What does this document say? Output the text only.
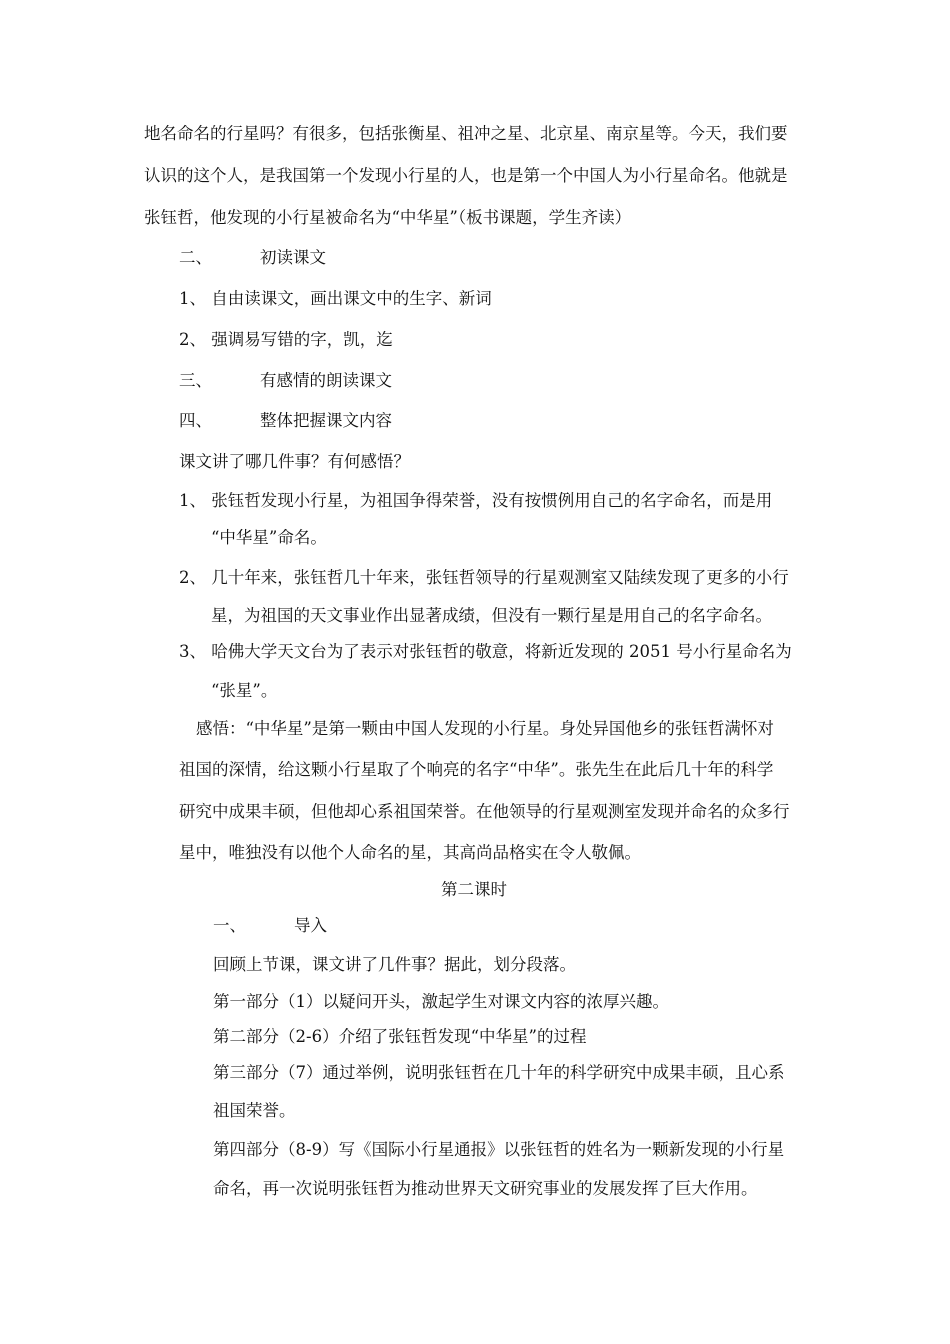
地名命名的行星吗？有很多，包括张衡星、祖冲之星、北京星、南京星等。今天，我们要
认识的这个人，是我国第一个发现小行星的人，也是第一个中国人为小行星命名。他就是
张钰哲，他发现的小行星被命名为“中华星”（板书课题，学生齐读）
二、	初读课文
1、 自由读课文，画出课文中的生字、新词
2、 强调易写错的字，凯，迄
三、	有感情的朗读课文
四、	整体把握课文内容
课文讲了哪几件事？有何感悟？
1、 张钰哲发现小行星，为祖国争得荣誉，没有按惯例用自己的名字命名，而是用
“中华星”命名。
2、 几十年来，张钰哲几十年来，张钰哲领导的行星观测室又陆续发现了更多的小行
星，为祖国的天文事业作出显著成绩，但没有一颗行星是用自己的名字命名。
3、 哈佛大学天文台为了表示对张钰哲的敬意，将新近发现的 2051 号小行星命名为
“张星”。
感悟：“中华星”是第一颗由中国人发现的小行星。身处异国他乡的张钰哲满怀对
祖国的深情，给这颗小行星取了个响亮的名字“中华”。张先生在此后几十年的科学
研究中成果丰硕，但他却心系祖国荣誉。在他领导的行星观测室发现并命名的众多行
星中，唯独没有以他个人命名的星，其高尚品格实在令人敬佩。
第二课时
一、	导入
回顾上节课，课文讲了几件事？据此，划分段落。
第一部分（1）以疑问开头，激起学生对课文内容的浓厚兴趣。
第二部分（2-6）介绍了张钰哲发现“中华星”的过程
第三部分（7）通过举例，说明张钰哲在几十年的科学研究中成果丰硕，且心系
祖国荣誉。
第四部分（8-9）写《国际小行星通报》以张钰哲的姓名为一颗新发现的小行星
命名，再一次说明张钰哲为推动世界天文研究事业的发展发挥了巨大作用。
